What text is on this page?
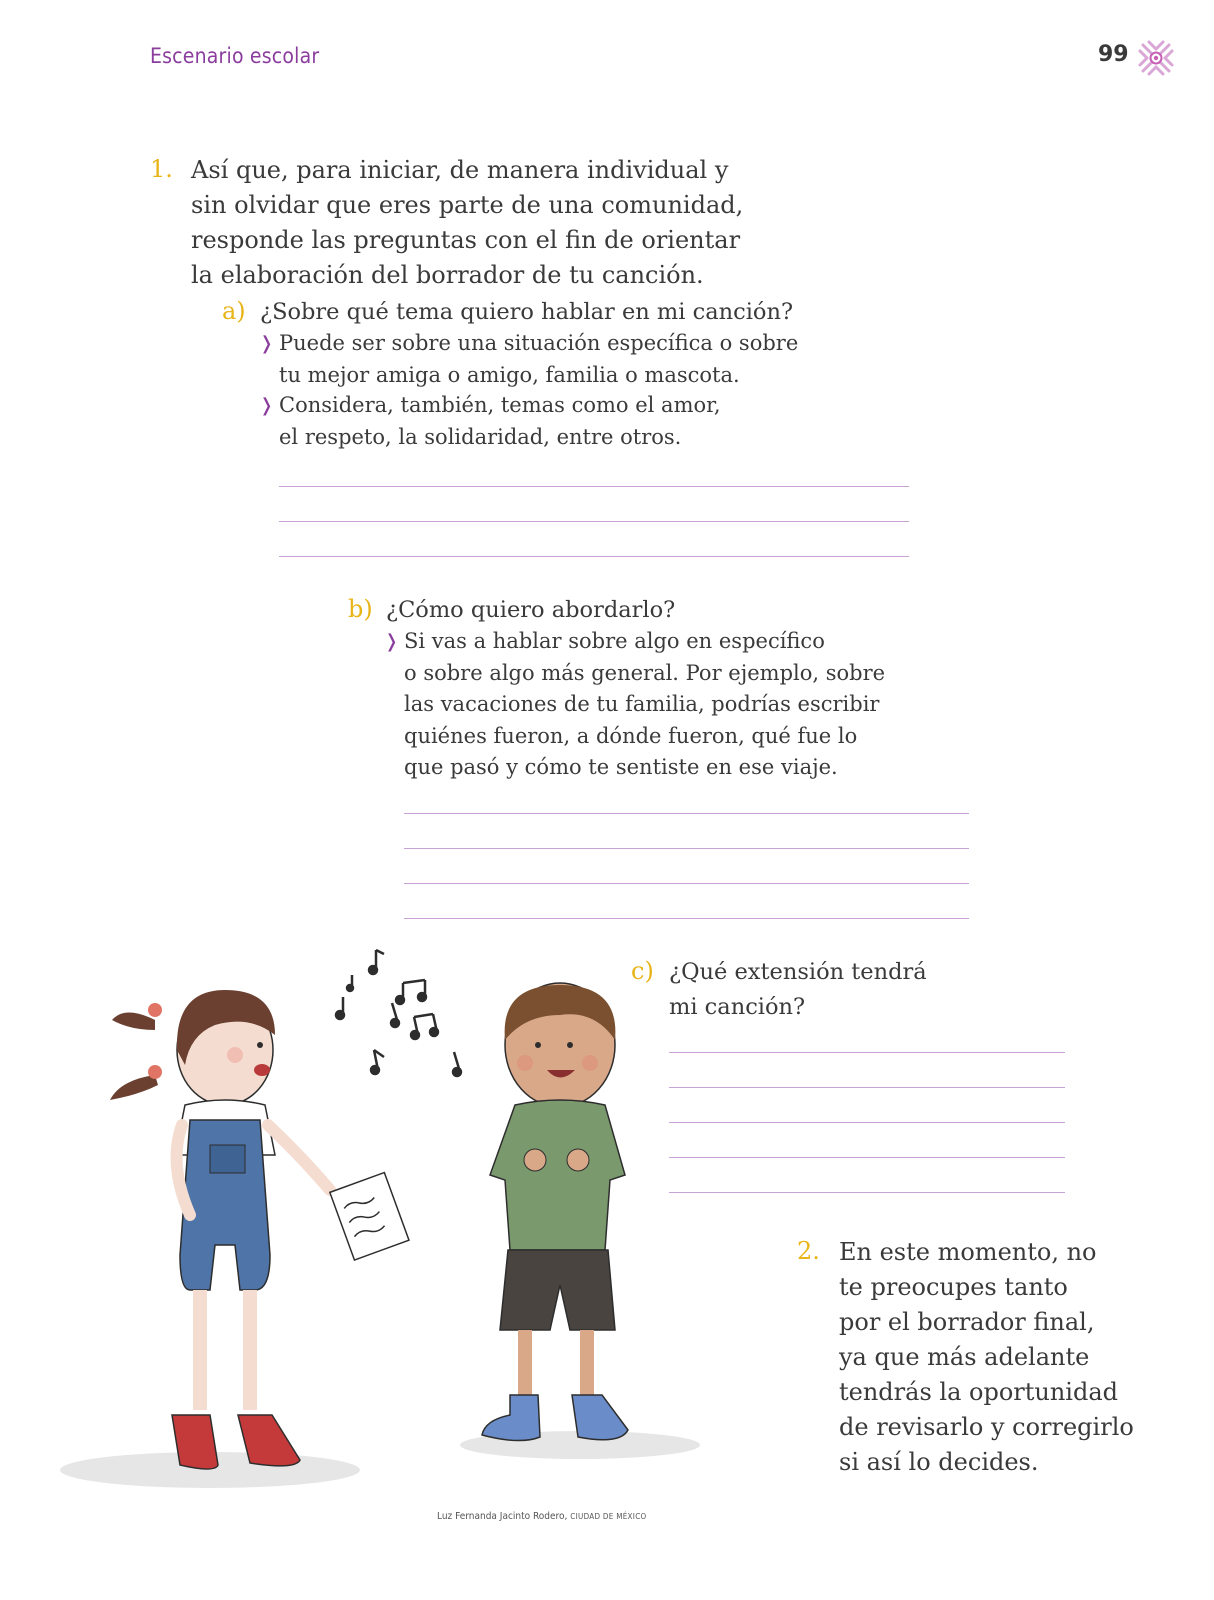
Escenario escolar	99
1. Así que, para iniciar, de manera individual y
sin olvidar que eres parte de una comunidad,
responde las preguntas con el fin de orientar
la elaboración del borrador de tu canción.
a) ¿Sobre qué tema quiero hablar en mi canción?
❭ Puede ser sobre una situación específica o sobre
tu mejor amiga o amigo, familia o mascota.
❭ Considera, también, temas como el amor,
el respeto, la solidaridad, entre otros.
b) ¿Cómo quiero abordarlo?
❭ Si vas a hablar sobre algo en específico
o sobre algo más general. Por ejemplo, sobre
las vacaciones de tu familia, podrías escribir
quiénes fueron, a dónde fueron, qué fue lo
que pasó y cómo te sentiste en ese viaje.
c) ¿Qué extensión tendrá
mi canción?
2. En este momento, no
te preocupes tanto
por el borrador final,
ya que más adelante
tendrás la oportunidad
de revisarlo y corregirlo
si así lo decides.
Luz Fernanda Jacinto Rodero, CIUDAD DE MÉXICO
